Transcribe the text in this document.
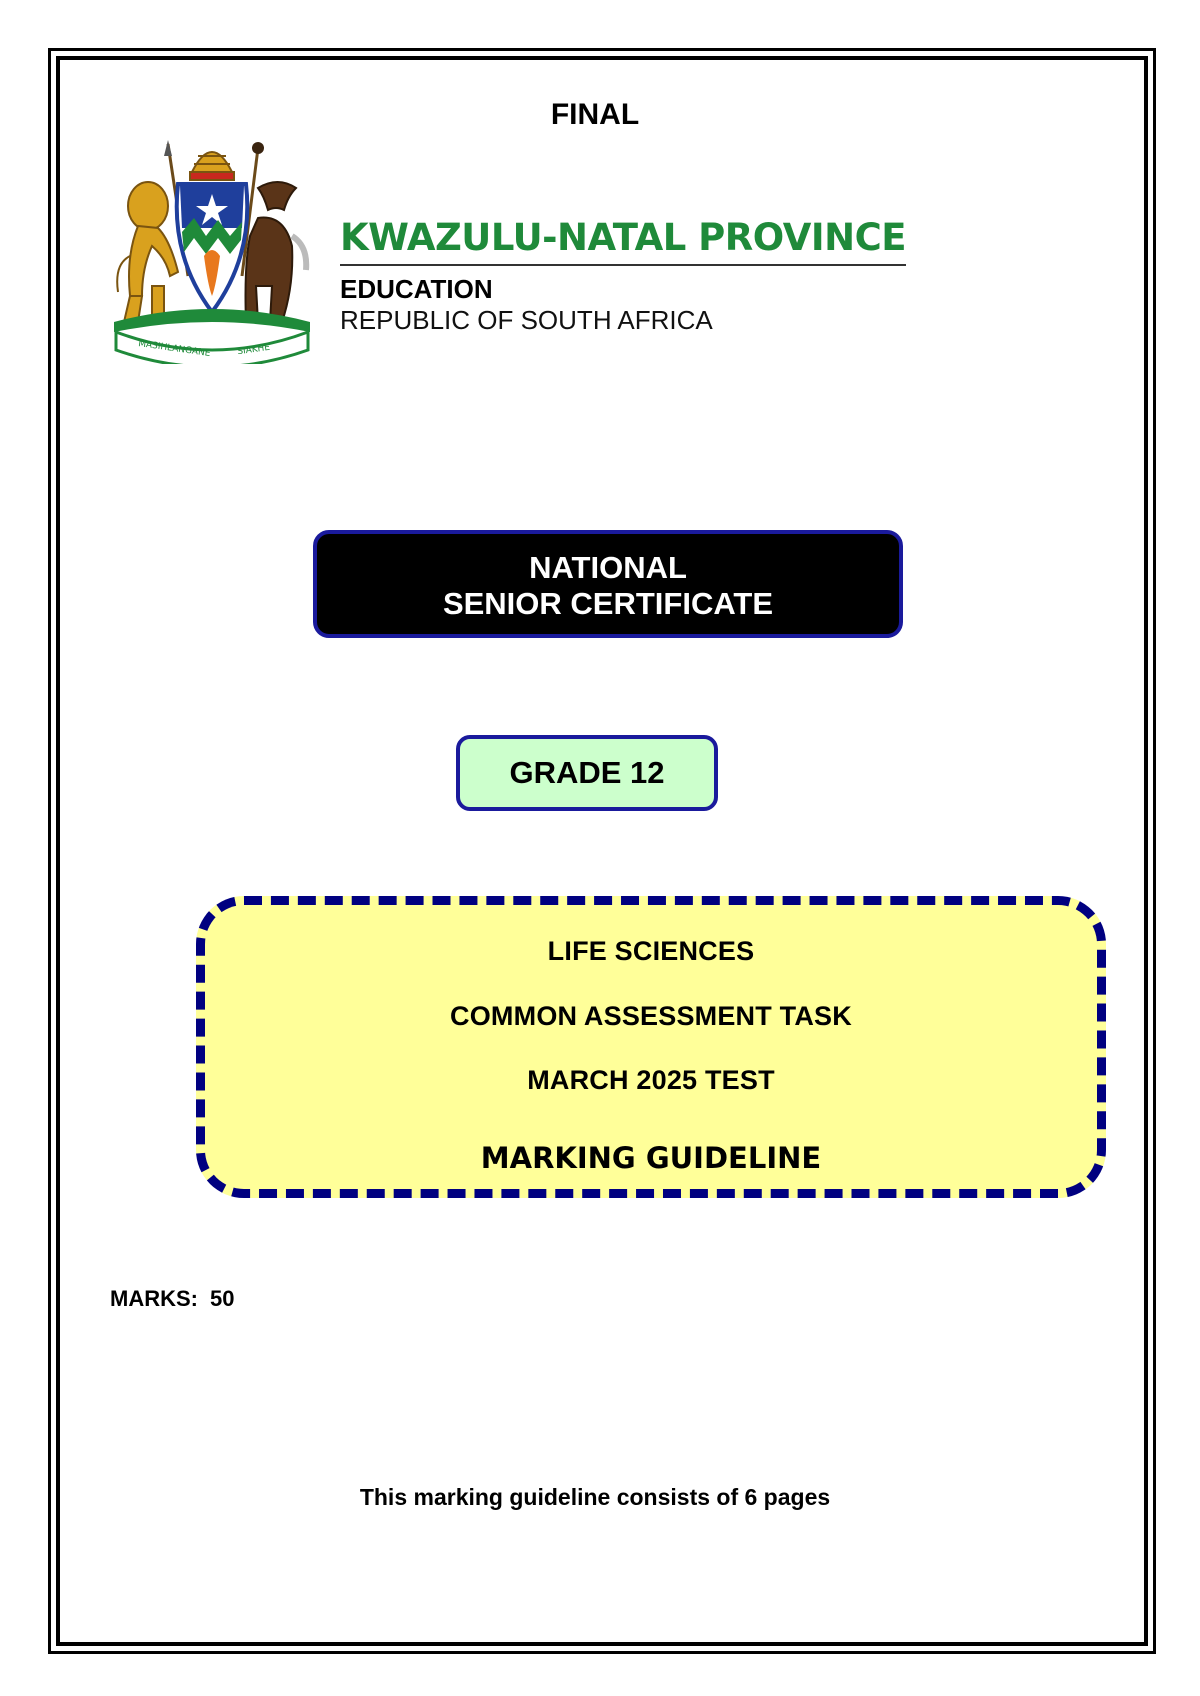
FINAL
MASIHLANGANE	SIAKHE
KWAZULU-NATAL PROVINCE
EDUCATION
REPUBLIC OF SOUTH AFRICA
NATIONAL
SENIOR CERTIFICATE
GRADE 12
LIFE SCIENCES
COMMON ASSESSMENT TASK
MARCH 2025 TEST
MARKING GUIDELINE
MARKS: 50
This marking guideline consists of 6 pages
